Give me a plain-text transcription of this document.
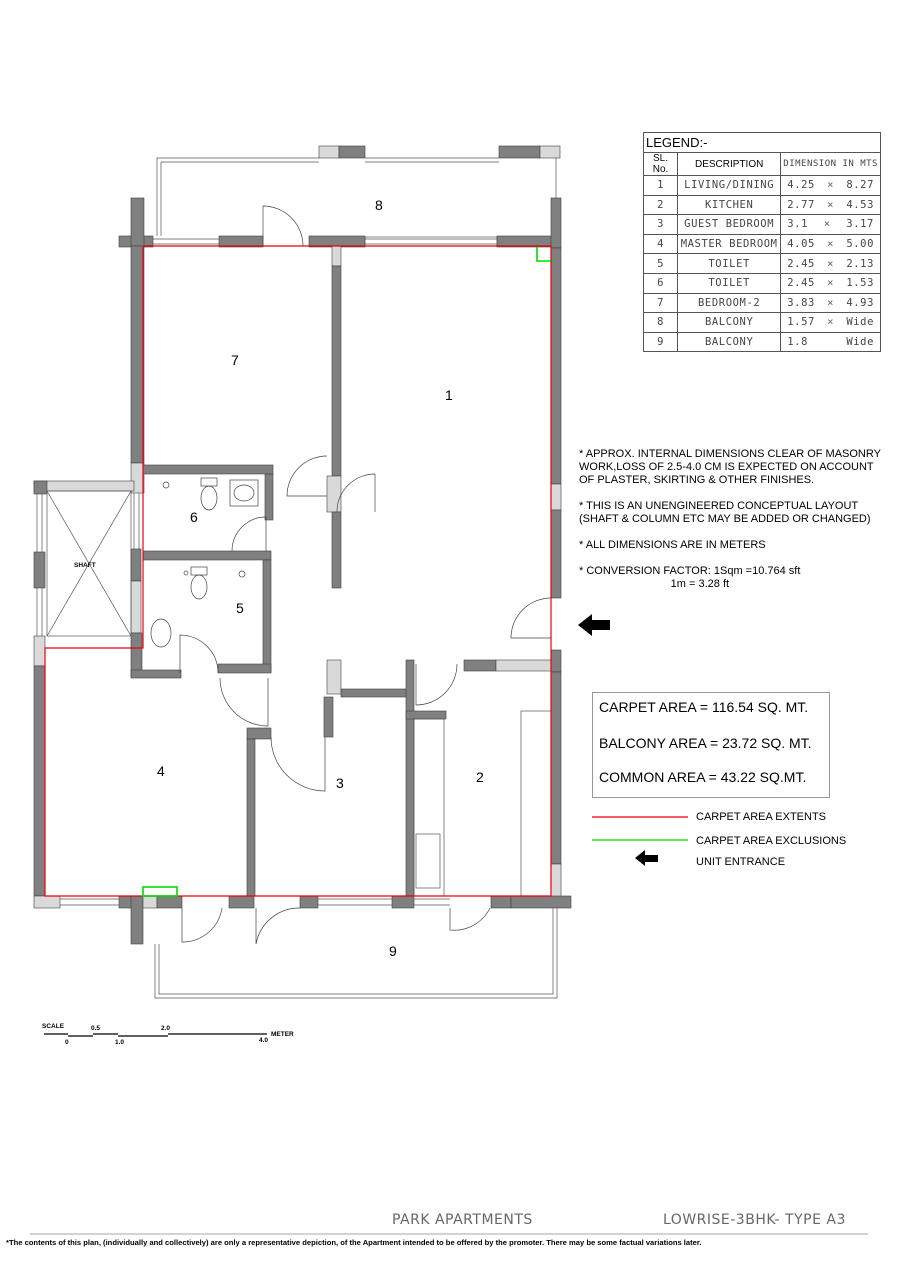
1
2
3
4
5
6
7
8
9
SHAFT
LEGEND:-		
SL. No.	DESCRIPTION	DIMENSION IN MTS
1	LIVING/DINING	4.25 × 8.27

2	KITCHEN	2.77 × 4.53

3	GUEST BEDROOM	3.1 × 3.17

4	MASTER BEDROOM	4.05 × 5.00

5	TOILET	2.45 × 2.13

6	TOILET	2.45 × 1.53

7	BEDROOM-2	3.83 × 4.93

8	BALCONY	1.57 × Wide

9	BALCONY	1.8 Wide

* APPROX. INTERNAL DIMENSIONS CLEAR OF MASONRY
WORK,LOSS OF 2.5-4.0 CM IS EXPECTED ON ACCOUNT
OF PLASTER, SKIRTING & OTHER FINISHES.

* THIS IS AN UNENGINEERED CONCEPTUAL LAYOUT
(SHAFT & COLUMN ETC MAY BE ADDED OR CHANGED)

* ALL DIMENSIONS ARE IN METERS

* CONVERSION FACTOR: 1Sqm =10.764 sft
1m = 3.28 ft

CARPET AREA = 116.54 SQ. MT.
BALCONY AREA = 23.72 SQ. MT.
COMMON AREA = 43.22 SQ.MT.
CARPET AREA EXTENTS
CARPET AREA EXCLUSIONS
UNIT ENTRANCE
SCALE
0
0.5
1.0
2.0
4.0
METER
PARK APARTMENTS	LOWRISE-3BHK- TYPE A3
*The contents of this plan, (individually and collectively) are only a representative depiction, of the Apartment intended to be offered by the promoter. There may be some factual variations later.
